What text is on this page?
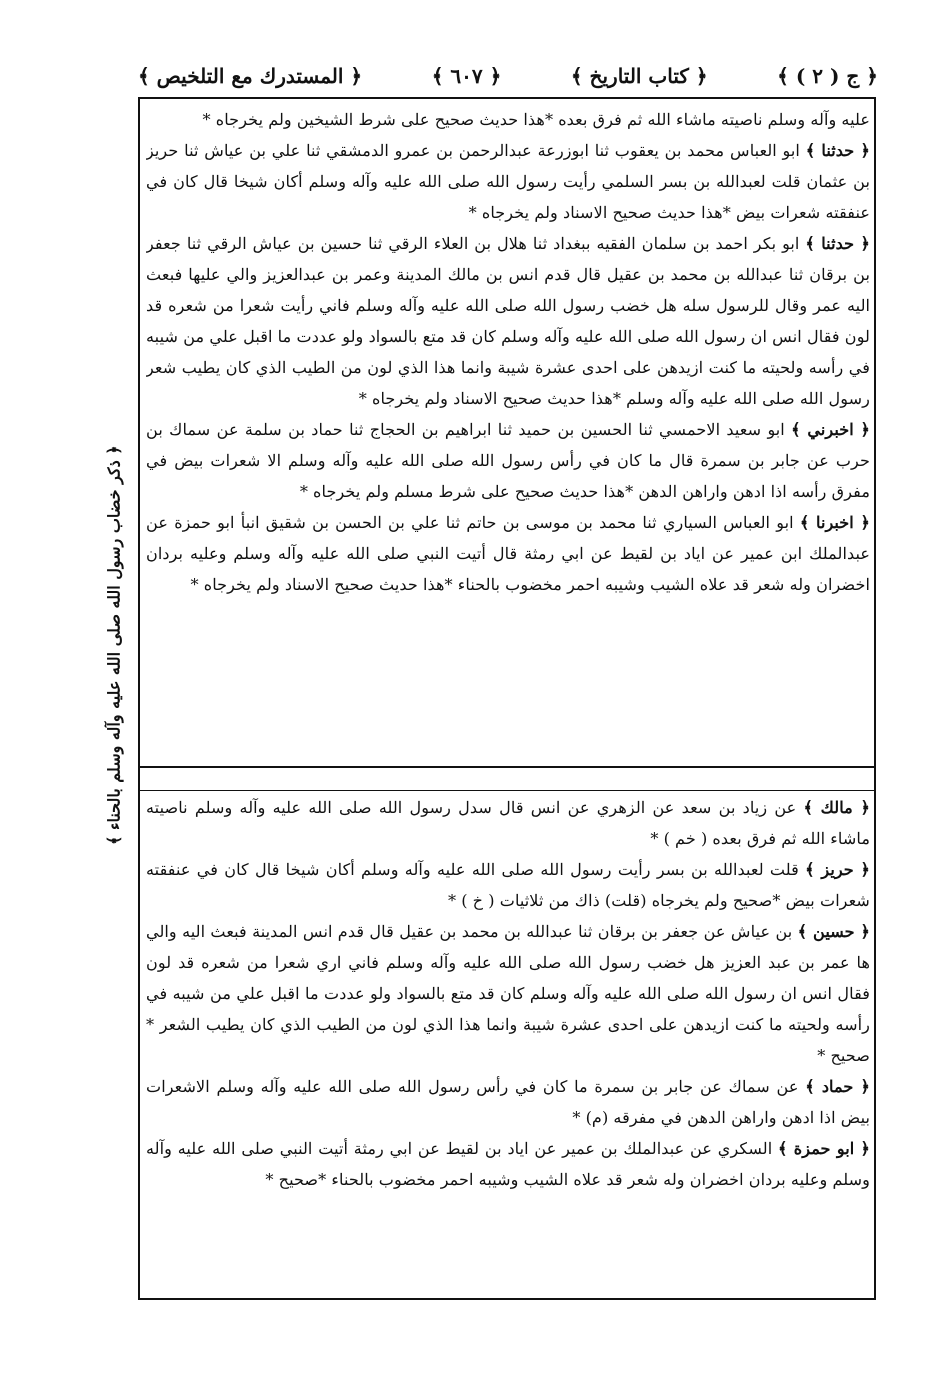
﴿ المستدرك مع التلخيص ﴾	﴿ ٦٠٧ ﴾	﴿ كتاب التاريخ ﴾	﴿ ج ( ٢ ) ﴾
﴿ ذكر خضاب رسول الله صلى الله عليه وآله وسلم بالحناء ﴾

عليه وآله وسلم ناصيته ماشاء الله ثم فرق بعده *هذا حديث صحيح على شرط الشيخين ولم يخرجاه *

﴿ حدثنا ﴾ ابو العباس محمد بن يعقوب ثنا ابوزرعة عبدالرحمن بن عمرو الدمشقي ثنا علي بن عياش ثنا حريز بن عثمان قلت لعبدالله بن بسر السلمي رأيت رسول الله صلى الله عليه وآله وسلم أكان شيخا قال كان في عنفقته شعرات بيض *هذا حديث صحيح الاسناد ولم يخرجاه *

﴿ حدثنا ﴾ ابو بكر احمد بن سلمان الفقيه ببغداد ثنا هلال بن العلاء الرقي ثنا حسين بن عياش الرقي ثنا جعفر بن برقان ثنا عبدالله بن محمد بن عقيل قال قدم انس بن مالك المدينة وعمر بن عبدالعزيز والي عليها فبعث اليه عمر وقال للرسول سله هل خضب رسول الله صلى الله عليه وآله وسلم فاني رأيت شعرا من شعره قد لون فقال انس ان رسول الله صلى الله عليه وآله وسلم كان قد متع بالسواد ولو عددت ما اقبل علي من شيبه في رأسه ولحيته ما كنت ازيدهن على احدى عشرة شيبة وانما هذا الذي لون من الطيب الذي كان يطيب شعر رسول الله صلى الله عليه وآله وسلم *هذا حديث صحيح الاسناد ولم يخرجاه *

﴿ اخبرني ﴾ ابو سعيد الاحمسي ثنا الحسين بن حميد ثنا ابراهيم بن الحجاج ثنا حماد بن سلمة عن سماك بن حرب عن جابر بن سمرة قال ما كان في رأس رسول الله صلى الله عليه وآله وسلم الا شعرات بيض في مفرق رأسه اذا ادهن واراهن الدهن *هذا حديث صحيح على شرط مسلم ولم يخرجاه *

﴿ اخبرنا ﴾ ابو العباس السياري ثنا محمد بن موسى بن حاتم ثنا علي بن الحسن بن شقيق انبأ ابو حمزة عن عبدالملك ابن عمير عن اياد بن لقيط عن ابي رمثة قال أتيت النبي صلى الله عليه وآله وسلم وعليه بردان اخضران وله شعر قد علاه الشيب وشيبه احمر مخضوب بالحناء *هذا حديث صحيح الاسناد ولم يخرجاه *

﴿ مالك ﴾ عن زياد بن سعد عن الزهري عن انس قال سدل رسول الله صلى الله عليه وآله وسلم ناصيته ماشاء الله ثم فرق بعده ( خم ) *

﴿ حريز ﴾ قلت لعبدالله بن بسر رأيت رسول الله صلى الله عليه وآله وسلم أكان شيخا قال كان في عنفقته شعرات بيض *صحيح ولم يخرجاه (قلت) ذاك من ثلاثيات ( خ ) *

﴿ حسين ﴾ بن عياش عن جعفر بن برقان ثنا عبدالله بن محمد بن عقيل قال قدم انس المدينة فبعث اليه والي ها عمر بن عبد العزيز هل خضب رسول الله صلى الله عليه وآله وسلم فاني اري شعرا من شعره قد لون فقال انس ان رسول الله صلى الله عليه وآله وسلم كان قد متع بالسواد ولو عددت ما اقبل علي من شيبه في رأسه ولحيته ما كنت ازيدهن على احدى عشرة شيبة وانما هذا الذي لون من الطيب الذي كان يطيب الشعر * صحيح *

﴿ حماد ﴾ عن سماك عن جابر بن سمرة ما كان في رأس رسول الله صلى الله عليه وآله وسلم الاشعرات بيض اذا ادهن واراهن الدهن في مفرقه (م) *

﴿ ابو حمزة ﴾ السكري عن عبدالملك بن عمير عن اياد بن لقيط عن ابي رمثة أتيت النبي صلى الله عليه وآله وسلم وعليه بردان اخضران وله شعر قد علاه الشيب وشيبه احمر مخضوب بالحناء *صحيح *
